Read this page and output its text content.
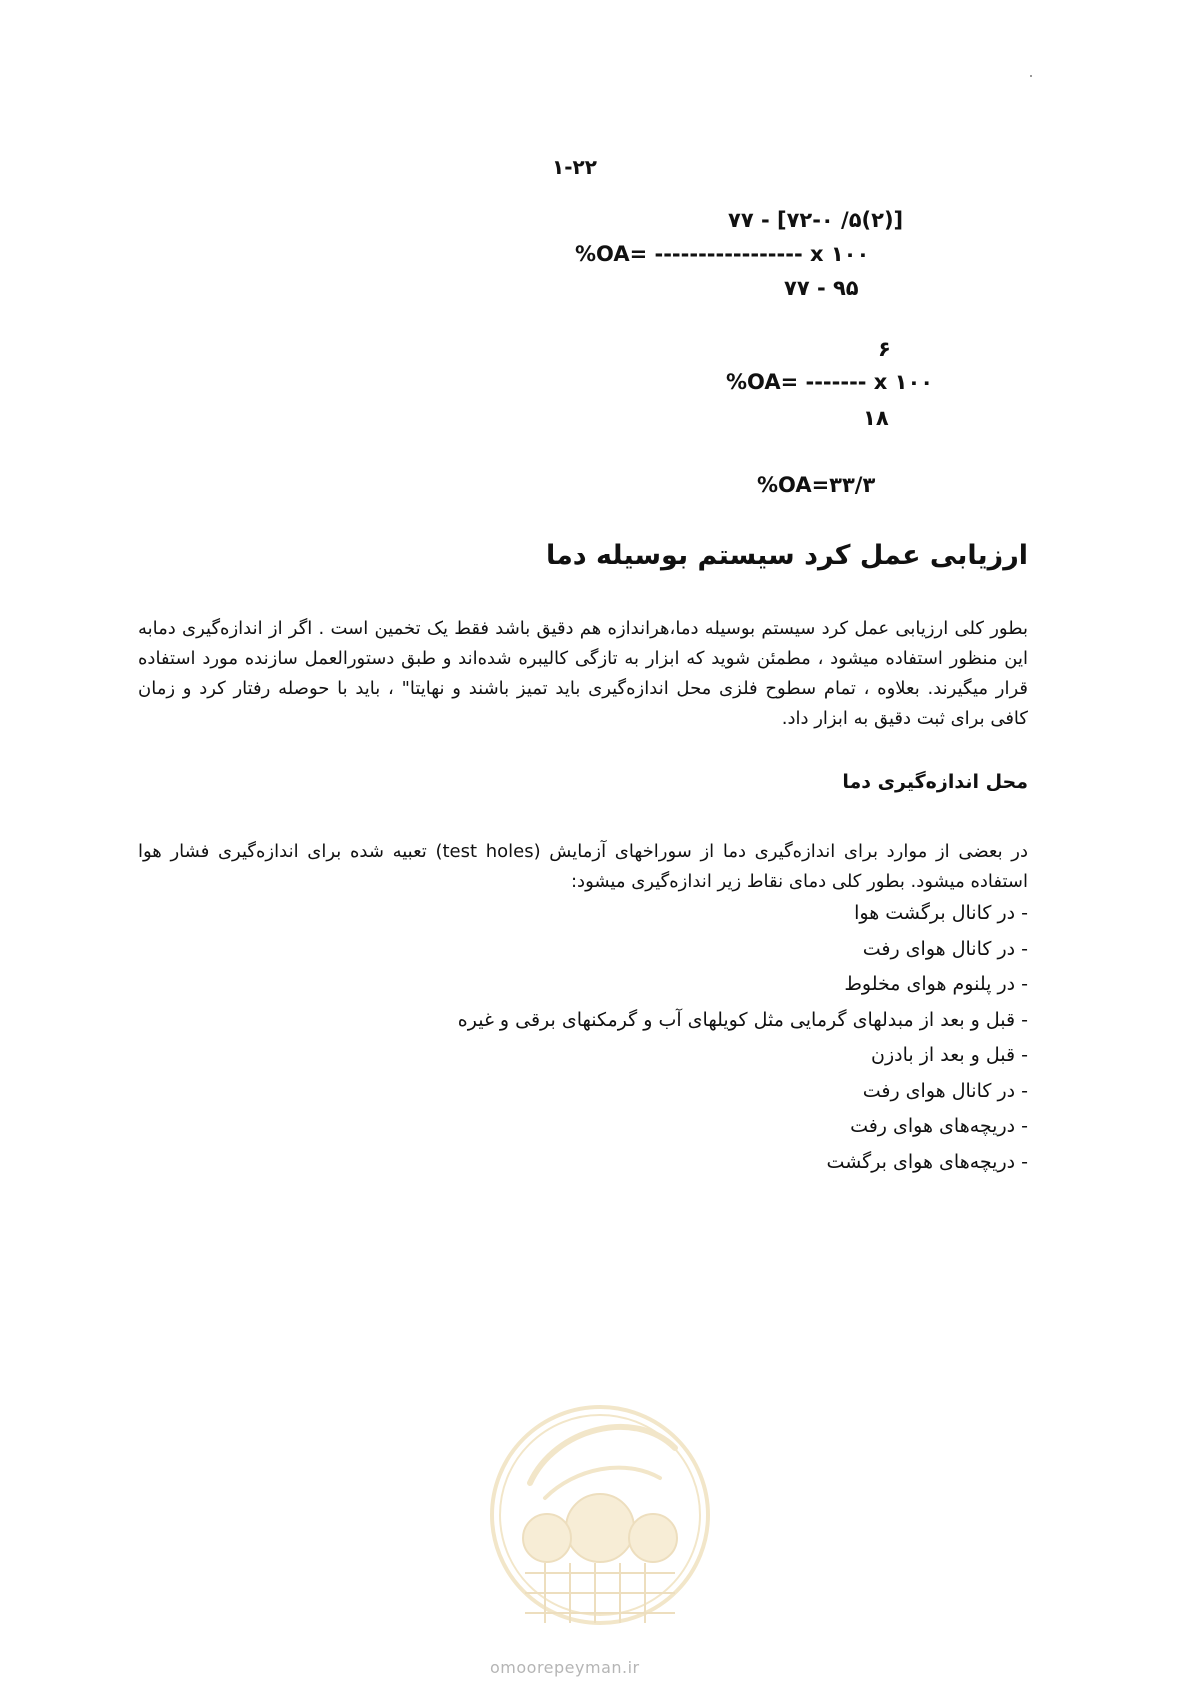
۱-۲۲
۷۷ - [۷۲-۰ /۵(۲)]
%OA= ----------------- x ۱۰۰
۷۷ - ۹۵
۶
%OA= ------- x ۱۰۰
۱۸
%OA=۳۳/۳
ارزیابی عمل کرد سیستم بوسیله دما
بطور کلی ارزیابی عمل کرد سیستم بوسیله دما،هراندازه هم دقیق باشد فقط یک تخمین است . اگر از اندازه‌گیری دمابه این منظور استفاده میشود ، مطمئن شوید که ابزار به تازگی کالیبره شده‌اند و طبق دستورالعمل سازنده مورد استفاده قرار میگیرند. بعلاوه ، تمام سطوح فلزی محل اندازه‌گیری باید تمیز باشند و نهایتا" ، باید با حوصله رفتار کرد و زمان کافی برای ثبت دقیق به ابزار داد.
محل اندازه‌گیری دما
در بعضی از موارد برای اندازه‌گیری دما از سوراخهای آزمایش (test holes) تعبیه شده برای اندازه‌گیری فشار هوا استفاده میشود. بطور کلی دمای نقاط زیر اندازه‌گیری میشود:
- در کانال برگشت هوا
- در کانال هوای رفت
- در پلنوم هوای مخلوط
- قبل و بعد از مبدلهای گرمایی مثل کویلهای آب و گرمکنهای برقی و غیره
- قبل و بعد از بادزن
- در کانال هوای رفت
- دریچه‌های هوای رفت
- دریچه‌های هوای برگشت
omoorepeyman.ir
